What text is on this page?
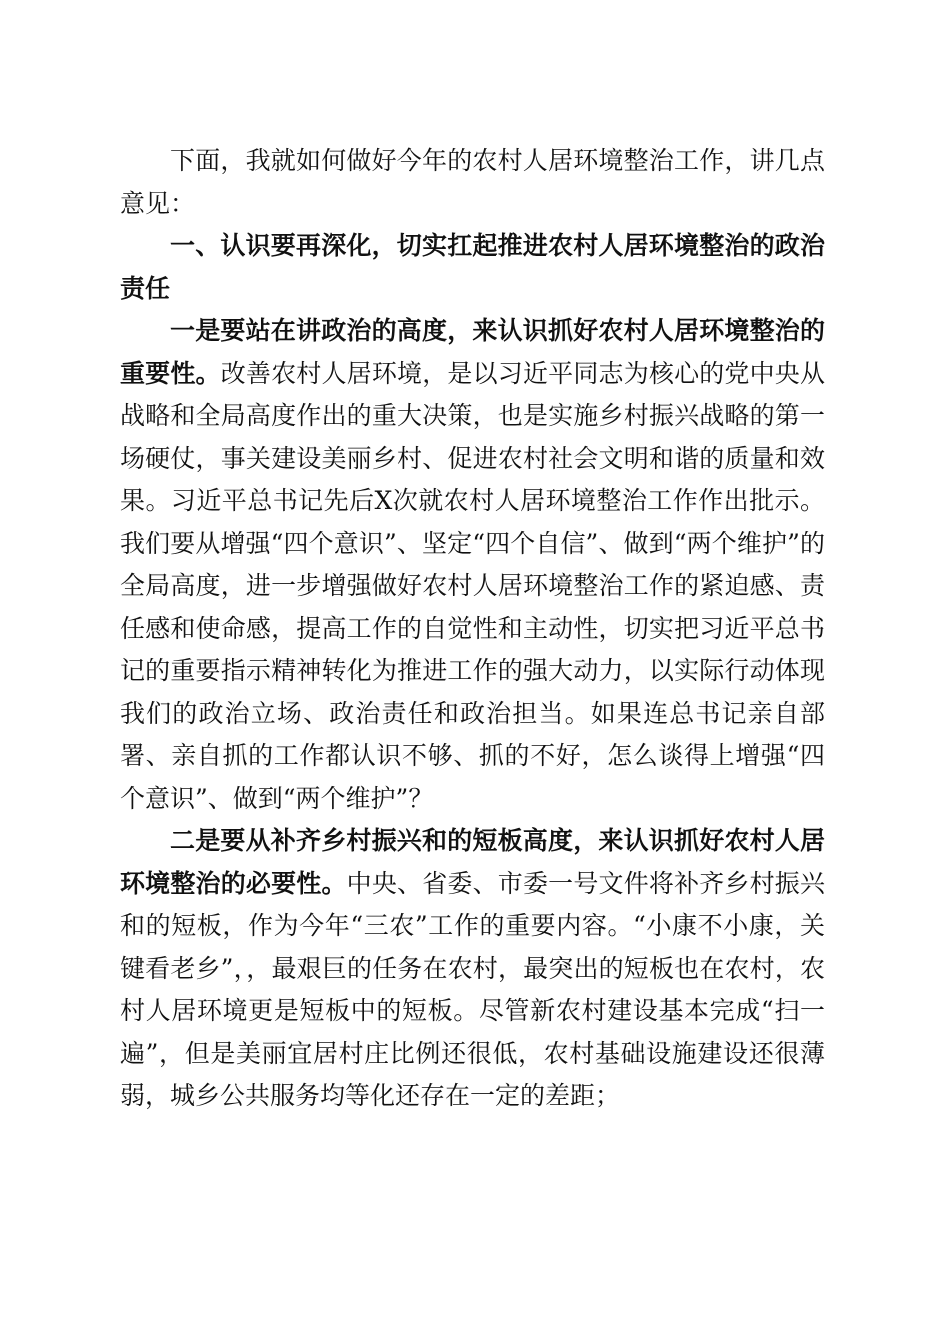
下面，我就如何做好今年的农村人居环境整治工作，讲几点意见：

一、认识要再深化，切实扛起推进农村人居环境整治的政治责任

一是要站在讲政治的高度，来认识抓好农村人居环境整治的重要性。改善农村人居环境，是以习近平同志为核心的党中央从战略和全局高度作出的重大决策，也是实施乡村振兴战略的第一场硬仗，事关建设美丽乡村、促进农村社会文明和谐的质量和效果。习近平总书记先后X次就农村人居环境整治工作作出批示。我们要从增强“四个意识”、坚定“四个自信”、做到“两个维护”的全局高度，进一步增强做好农村人居环境整治工作的紧迫感、责任感和使命感，提高工作的自觉性和主动性，切实把习近平总书记的重要指示精神转化为推进工作的强大动力，以实际行动体现我们的政治立场、政治责任和政治担当。如果连总书记亲自部署、亲自抓的工作都认识不够、抓的不好，怎么谈得上增强“四个意识”、做到“两个维护”？

二是要从补齐乡村振兴和的短板高度，来认识抓好农村人居环境整治的必要性。中央、省委、市委一号文件将补齐乡村振兴和的短板，作为今年“三农”工作的重要内容。“小康不小康，关键看老乡”，，最艰巨的任务在农村，最突出的短板也在农村，农村人居环境更是短板中的短板。尽管新农村建设基本完成“扫一遍”，但是美丽宜居村庄比例还很低，农村基础设施建设还很薄弱，城乡公共服务均等化还存在一定的差距；
